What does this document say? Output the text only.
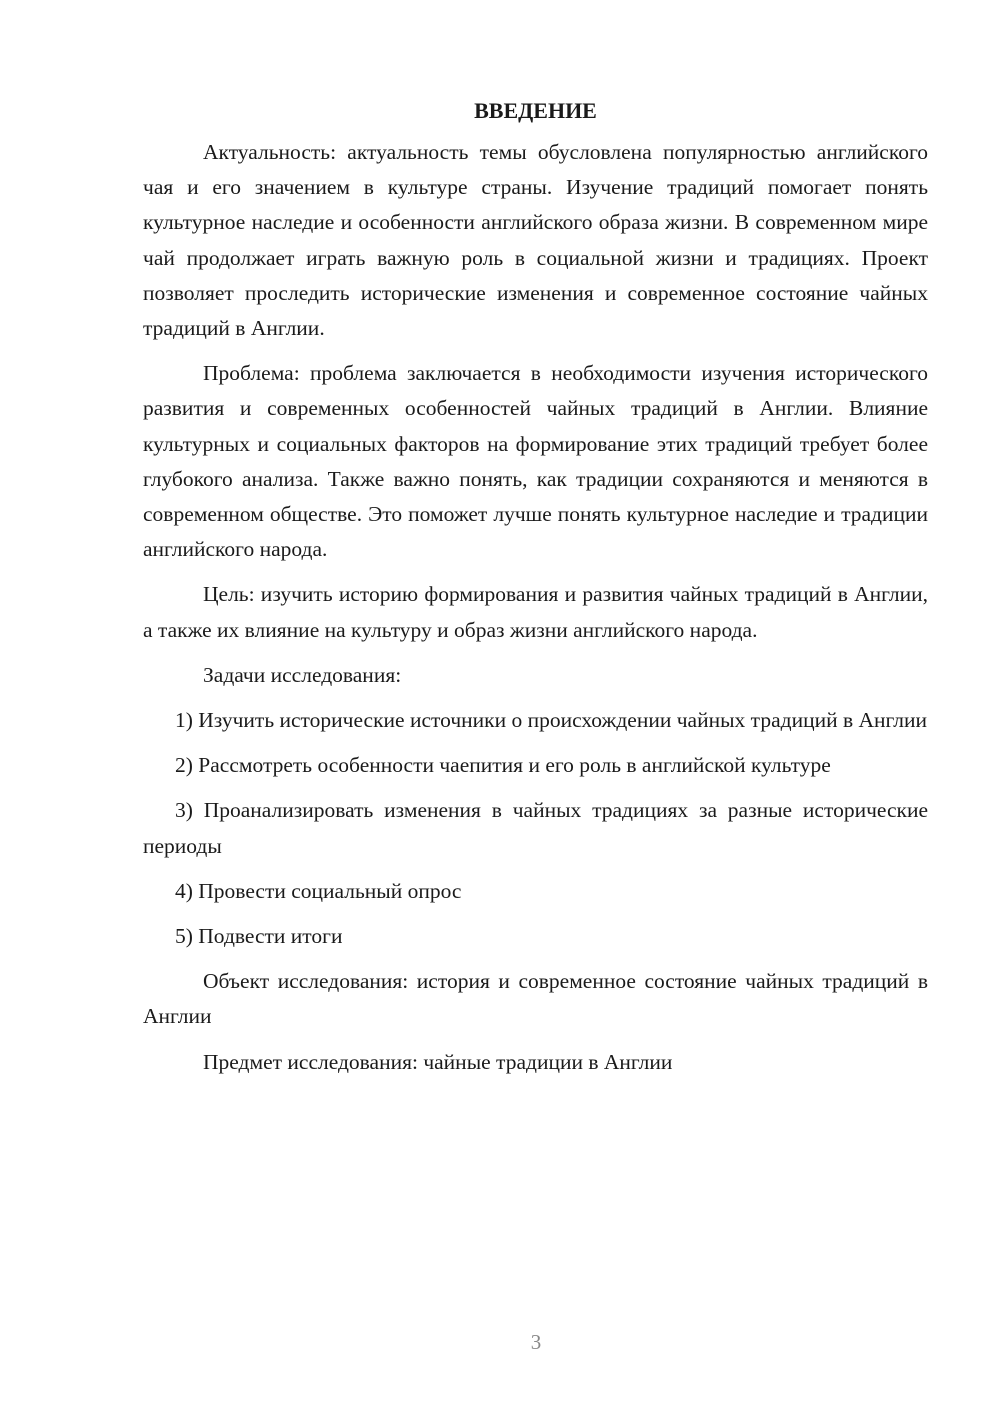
ВВЕДЕНИЕ

Актуальность: актуальность темы обусловлена популярностью английского чая и его значением в культуре страны. Изучение традиций помогает понять культурное наследие и особенности английского образа жизни. В современном мире чай продолжает играть важную роль в социальной жизни и традициях. Проект позволяет проследить исторические изменения и современное состояние чайных традиций в Англии.

Проблема: проблема заключается в необходимости изучения исторического развития и современных особенностей чайных традиций в Англии. Влияние культурных и социальных факторов на формирование этих традиций требует более глубокого анализа. Также важно понять, как традиции сохраняются и меняются в современном обществе. Это поможет лучше понять культурное наследие и традиции английского народа.

Цель: изучить историю формирования и развития чайных традиций в Англии, а также их влияние на культуру и образ жизни английского народа.

Задачи исследования:

1) Изучить исторические источники о происхождении чайных традиций в Англии

2) Рассмотреть особенности чаепития и его роль в английской культуре

3) Проанализировать изменения в чайных традициях за разные исторические периоды

4) Провести социальный опрос

5) Подвести итоги

Объект исследования: история и современное состояние чайных традиций в Англии

Предмет исследования: чайные традиции в Англии

3
